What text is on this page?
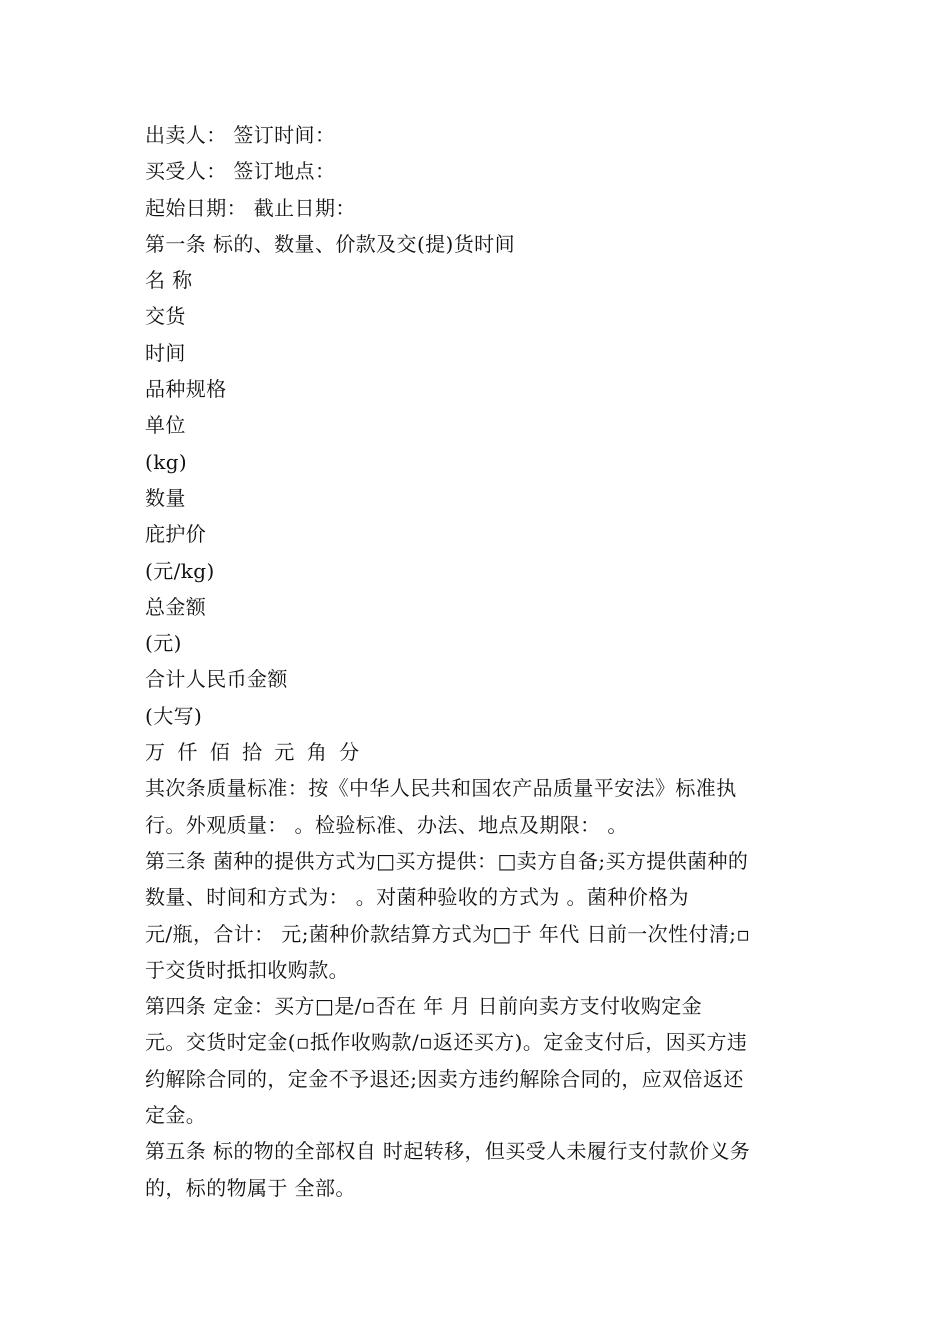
出卖人： 签订时间：
买受人： 签订地点：
起始日期： 截止日期：
第一条 标的、数量、价款及交(提)货时间
名 称
交货
时间
品种规格
单位
(kg)
数量
庇护价
(元/kg)
总金额
(元)
合计人民币金额
(大写)
万 仟 佰 拾 元 角 分
其次条质量标准：按《中华人民共和国农产品质量平安法》标准执
行。外观质量： 。检验标准、办法、地点及期限： 。
第三条 菌种的提供方式为□买方提供：□卖方自备;买方提供菌种的
数量、时间和方式为： 。对菌种验收的方式为 。菌种价格为
元/瓶，合计： 元;菌种价款结算方式为□于 年代 日前一次性付清;▫
于交货时抵扣收购款。
第四条 定金：买方□是/▫否在 年 月 日前向卖方支付收购定金
元。交货时定金(▫抵作收购款/▫返还买方)。定金支付后，因买方违
约解除合同的，定金不予退还;因卖方违约解除合同的，应双倍返还
定金。
第五条 标的物的全部权自 时起转移，但买受人未履行支付款价义务
的，标的物属于 全部。
